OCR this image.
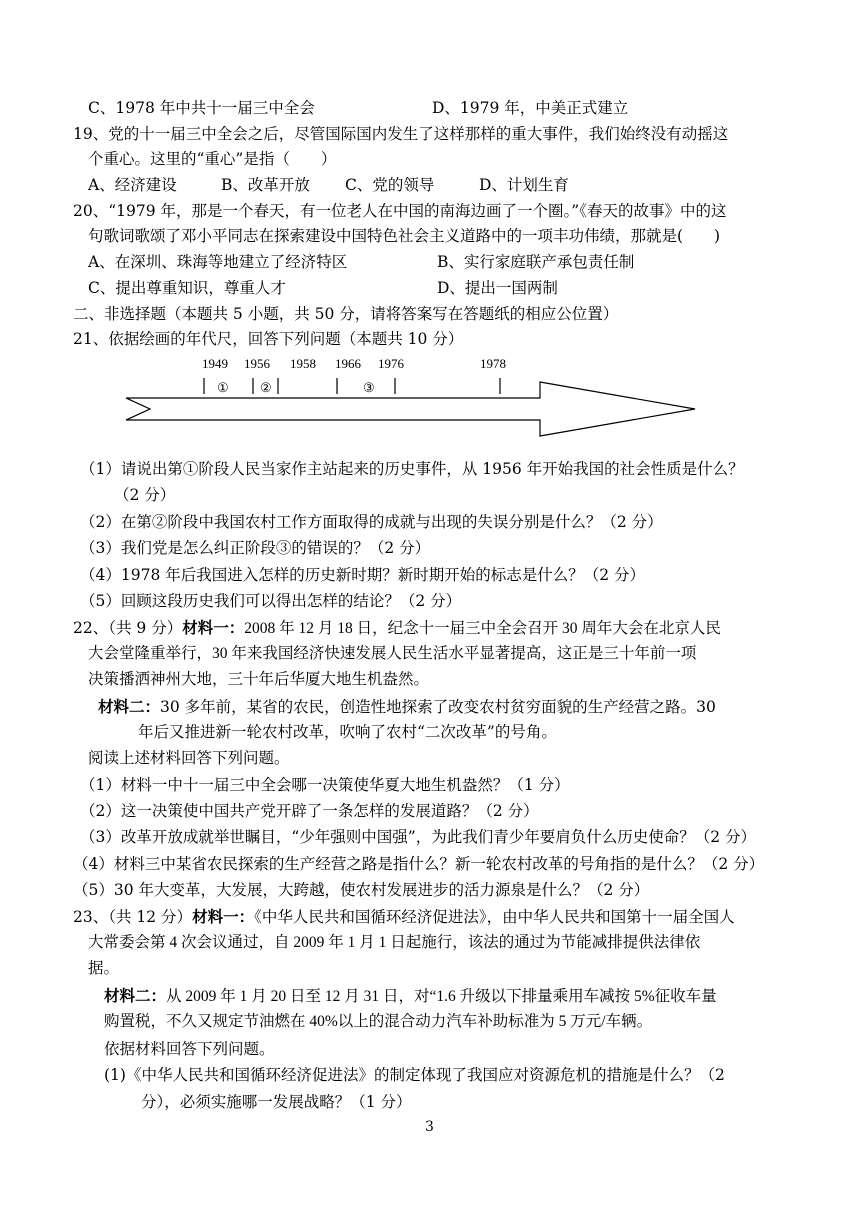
C、1978 年中共十一届三中全会	D、1979 年，中美正式建立
19、党的十一届三中全会之后，尽管国际国内发生了这样那样的重大事件，我们始终没有动摇这
个重心。这里的“重心”是指（　　）
A、经济建设	B、改革开放 C、党的领导	D、计划生育
20、“1979 年，那是一个春天，有一位老人在中国的南海边画了一个圈。”《春天的故事》中的这
句歌词歌颂了邓小平同志在探索建设中国特色社会主义道路中的一项丰功伟绩，那就是(　　)
A、在深圳、珠海等地建立了经济特区	B、实行家庭联产承包责任制
C、提出尊重知识，尊重人才	D、提出一国两制
二、非选择题（本题共 5 小题，共 50 分，请将答案写在答题纸的相应公位置）
21、依据绘画的年代尺，回答下列问题（本题共 10 分）
1949 1956 1958 1966 1976	1978
① ②	③
（1）请说出第①阶段人民当家作主站起来的历史事件，从 1956 年开始我国的社会性质是什么？
（2 分）
（2）在第②阶段中我国农村工作方面取得的成就与出现的失误分别是什么？（2 分）
（3）我们党是怎么纠正阶段③的错误的？（2 分）
（4）1978 年后我国进入怎样的历史新时期？新时期开始的标志是什么？（2 分）
（5）回顾这段历史我们可以得出怎样的结论？（2 分）
22、（共 9 分）材料一：2008 年 12 月 18 日，纪念十一届三中全会召开 30 周年大会在北京人民
大会堂隆重举行，30 年来我国经济快速发展人民生活水平显著提高，这正是三十年前一项
决策播洒神州大地，三十年后华厦大地生机盎然。
材料二：30 多年前，某省的农民，创造性地探索了改变农村贫穷面貌的生产经营之路。30
年后又推进新一轮农村改革，吹响了农村“二次改革”的号角。
阅读上述材料回答下列问题。
（1）材料一中十一届三中全会哪一决策使华夏大地生机盎然？（1 分）
（2）这一决策使中国共产党开辟了一条怎样的发展道路？（2 分）
（3）改革开放成就举世瞩目，“少年强则中国强”，为此我们青少年要肩负什么历史使命？（2 分）
（4）材料三中某省农民探索的生产经营之路是指什么？新一轮农村改革的号角指的是什么？（2 分）
（5）30 年大变革，大发展，大跨越，使农村发展进步的活力源泉是什么？（2 分）
23、（共 12 分）材料一：《中华人民共和国循环经济促进法》，由中华人民共和国第十一届全国人
大常委会第 4 次会议通过，自 2009 年 1 月 1 日起施行，该法的通过为节能减排提供法律依
据。
材料二：从 2009 年 1 月 20 日至 12 月 31 日，对“1.6 升级以下排量乘用车减按 5%征收车量
购置税，不久又规定节油燃在 40%以上的混合动力汽车补助标准为 5 万元/车辆。
依据材料回答下列问题。
(1)《中华人民共和国循环经济促进法》的制定体现了我国应对资源危机的措施是什么？（2
分），必须实施哪一发展战略？（1 分）
3
